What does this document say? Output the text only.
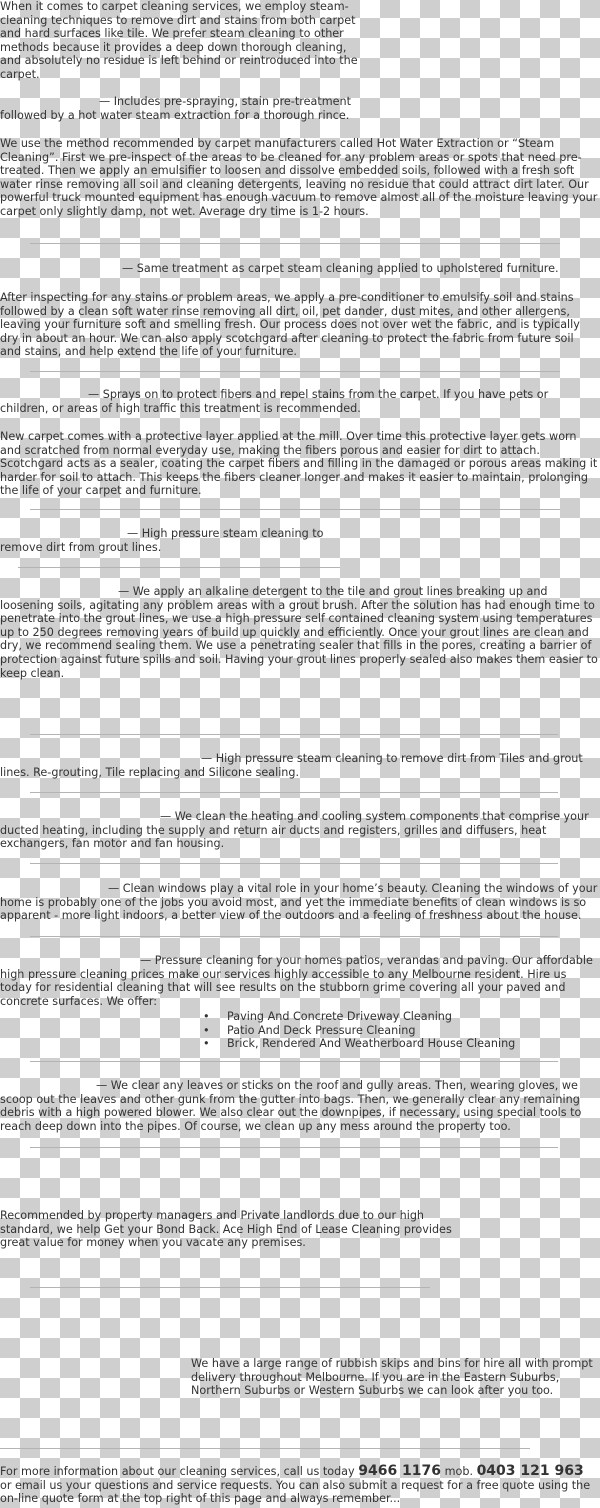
When it comes to carpet cleaning services, we employ steam-cleaning techniques to remove dirt and stains from both carpet and hard surfaces like tile. We prefer steam cleaning to other methods because it provides a deep down thorough cleaning, and absolutely no residue is left behind or reintroduced into the carpet.

— Includes pre-spraying, stain pre-treatment followed by a hot water steam extraction for a thorough rince.

We use the method recommended by carpet manufacturers called Hot Water Extraction or “Steam Cleaning”. First we pre-inspect of the areas to be cleaned for any problem areas or spots that need pre-treated. Then we apply an emulsifier to loosen and dissolve embedded soils, followed with a fresh soft water rinse removing all soil and cleaning detergents, leaving no residue that could attract dirt later. Our powerful truck mounted equipment has enough vacuum to remove almost all of the moisture leaving your carpet only slightly damp, not wet. Average dry time is 1-2 hours.

— Same treatment as carpet steam cleaning applied to upholstered furniture.

After inspecting for any stains or problem areas, we apply a pre-conditioner to emulsify soil and stains followed by a clean soft water rinse removing all dirt, oil, pet dander, dust mites, and other allergens, leaving your furniture soft and smelling fresh. Our process does not over wet the fabric, and is typically dry in about an hour. We can also apply scotchgard after cleaning to protect the fabric from future soil and stains, and help extend the life of your furniture.

— Sprays on to protect fibers and repel stains from the carpet. If you have pets or children, or areas of high traffic this treatment is recommended.

New carpet comes with a protective layer applied at the mill. Over time this protective layer gets worn and scratched from normal everyday use, making the fibers porous and easier for dirt to attach. Scotchgard acts as a sealer, coating the carpet fibers and filling in the damaged or porous areas making it harder for soil to attach. This keeps the fibers cleaner longer and makes it easier to maintain, prolonging the life of your carpet and furniture.

— High pressure steam cleaning to remove dirt from grout lines.

— We apply an alkaline detergent to the tile and grout lines breaking up and loosening soils, agitating any problem areas with a grout brush. After the solution has had enough time to penetrate into the grout lines, we use a high pressure self contained cleaning system using temperatures up to 250 degrees removing years of build up quickly and efficiently. Once your grout lines are clean and dry, we recommend sealing them. We use a penetrating sealer that fills in the pores, creating a barrier of protection against future spills and soil. Having your grout lines properly sealed also makes them easier to keep clean.

— High pressure steam cleaning to remove dirt from Tiles and grout lines. Re-grouting, Tile replacing and Silicone sealing.

— We clean the heating and cooling system components that comprise your ducted heating, including the supply and return air ducts and registers, grilles and diffusers, heat exchangers, fan motor and fan housing.

— Clean windows play a vital role in your home’s beauty. Cleaning the windows of your home is probably one of the jobs you avoid most, and yet the immediate benefits of clean windows is so apparent - more light indoors, a better view of the outdoors and a feeling of freshness about the house.

— Pressure cleaning for your homes patios, verandas and paving. Our affordable high pressure cleaning prices make our services highly accessible to any Melbourne resident. Hire us today for residential cleaning that will see results on the stubborn grime covering all your paved and concrete surfaces. We offer:

• Paving And Concrete Driveway Cleaning
• Patio And Deck Pressure Cleaning
• Brick, Rendered And Weatherboard House Cleaning

— We clear any leaves or sticks on the roof and gully areas. Then, wearing gloves, we scoop out the leaves and other gunk from the gutter into bags. Then, we generally clear any remaining debris with a high powered blower. We also clear out the downpipes, if necessary, using special tools to reach deep down into the pipes. Of course, we clean up any mess around the property too.

Recommended by property managers and Private landlords due to our high standard, we help Get your Bond Back. Ace High End of Lease Cleaning provides great value for money when you vacate any premises.

We have a large range of rubbish skips and bins for hire all with prompt delivery throughout Melbourne. If you are in the Eastern Suburbs, Northern Suburbs or Western Suburbs we can look after you too.

For more information about our cleaning services, call us today 9466 1176 mob. 0403 121 963 or email us your questions and service requests. You can also submit a request for a free quote using the on-line quote form at the top right of this page and always remember...
